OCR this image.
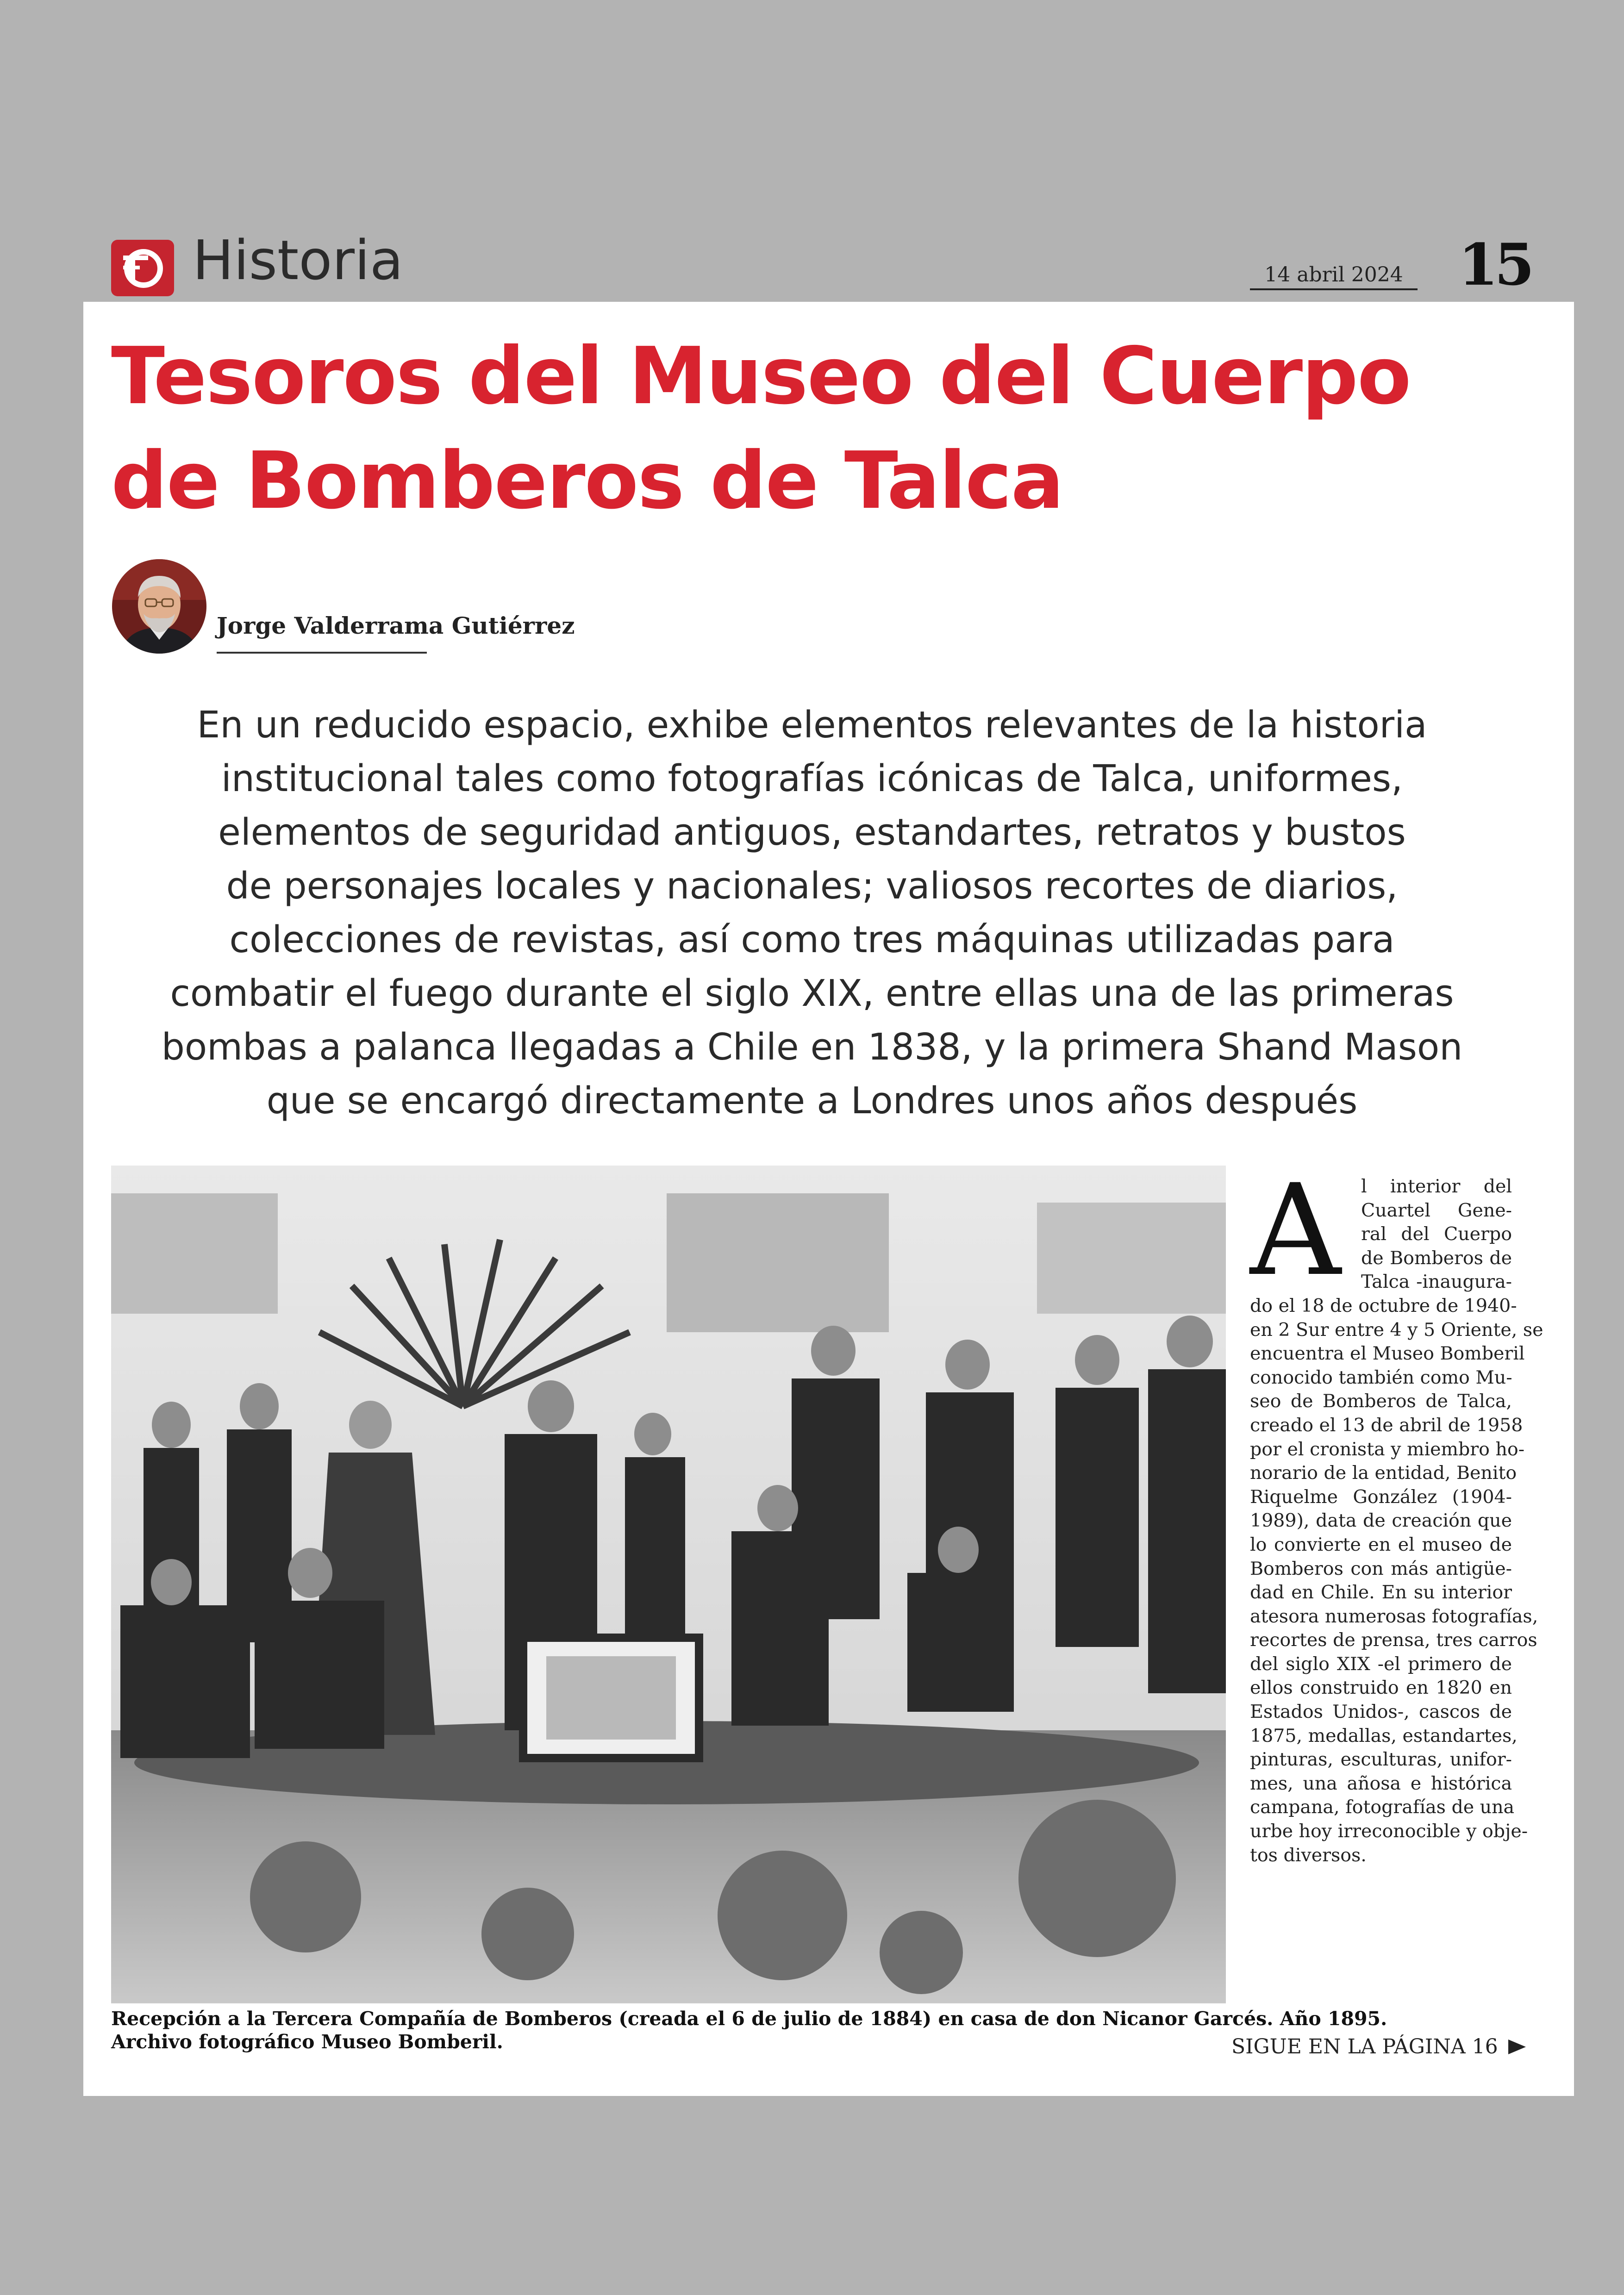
Historia	14 abril 2024 15
Tesoros del Museo del Cuerpo
de Bomberos de Talca
Jorge Valderrama Gutiérrez

En un reducido espacio, exhibe elementos relevantes de la historia
institucional tales como fotografías icónicas de Talca, uniformes,
elementos de seguridad antiguos, estandartes, retratos y bustos
de personajes locales y nacionales; valiosos recortes de diarios,
colecciones de revistas, así como tres máquinas utilizadas para
combatir el fuego durante el siglo XIX, entre ellas una de las primeras
bombas a palanca llegadas a Chile en 1838, y la primera Shand Mason
que se encargó directamente a Londres unos años después

Recepción a la Tercera Compañía de Bomberos (creada el 6 de julio de 1884) en casa de don Nicanor Garcés. Año 1895.
Archivo fotográfico Museo Bomberil.
A	l interior del
Cuartel Gene-
ral del Cuerpo
de Bomberos de
Talca -inaugura-
do el 18 de octubre de 1940-
en 2 Sur entre 4 y 5 Oriente, se
encuentra el Museo Bomberil
conocido también como Mu-
seo de Bomberos de Talca,
creado el 13 de abril de 1958
por el cronista y miembro ho-
norario de la entidad, Benito
Riquelme González (1904-
1989), data de creación que
lo convierte en el museo de
Bomberos con más antigüe-
dad en Chile. En su interior
atesora numerosas fotografías,
recortes de prensa, tres carros
del siglo XIX -el primero de
ellos construido en 1820 en
Estados Unidos-, cascos de
1875, medallas, estandartes,
pinturas, esculturas, unifor-
mes, una añosa e histórica
campana, fotografías de una
urbe hoy irreconocible y obje-
tos diversos.
SIGUE EN LA PÁGINA 16
